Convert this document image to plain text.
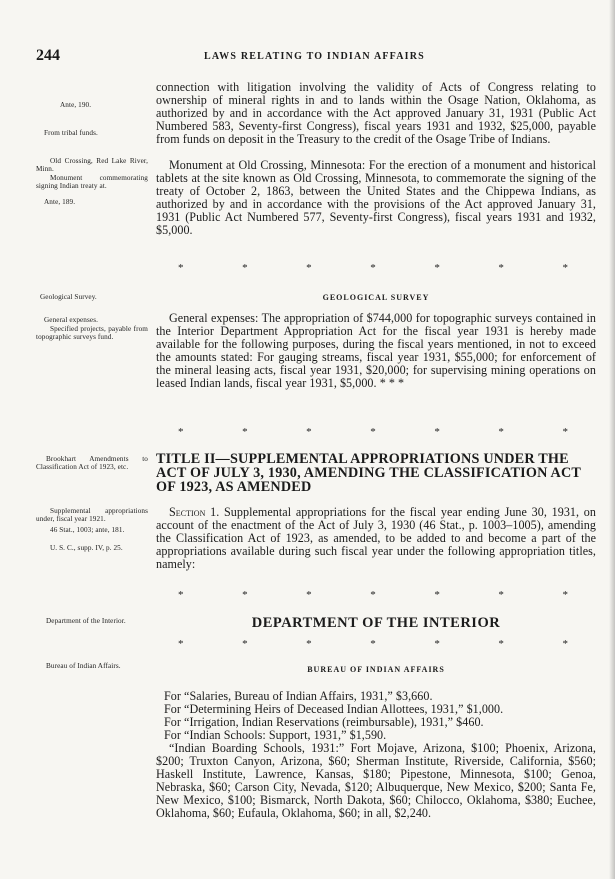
244	LAWS RELATING TO INDIAN AFFAIRS
Ante, 190.
From tribal funds.
Old Crossing, Red Lake River, Minn.
Monument commemorating signing Indian treaty at.
Ante, 189.
Geological Survey.
General expenses.
Specified projects, payable from topographic surveys fund.
Brookhart Amendments to Classification Act of 1923, etc.
Supplemental appropriations under, fiscal year 1921.
46 Stat., 1003; ante, 181.
U. S. C., supp. IV, p. 25.
Department of the Interior.
Bureau of Indian Affairs.
connection with litigation involving the validity of Acts of Congress relating to ownership of mineral rights in and to lands within the Osage Nation, Oklahoma, as authorized by and in accordance with the Act approved January 31, 1931 (Public Act Numbered 583, Seventy-first Congress), fiscal years 1931 and 1932, $25,000, payable from funds on deposit in the Treasury to the credit of the Osage Tribe of Indians.
Monument at Old Crossing, Minnesota: For the erection of a monument and historical tablets at the site known as Old Crossing, Minnesota, to commemorate the signing of the treaty of October 2, 1863, between the United States and the Chippewa Indians, as authorized by and in accordance with the provisions of the Act approved January 31, 1931 (Public Act Numbered 577, Seventy-first Congress), fiscal years 1931 and 1932, $5,000.
*	*	*	*	*	*	*
GEOLOGICAL SURVEY
General expenses: The appropriation of $744,000 for topographic surveys contained in the Interior Department Appropriation Act for the fiscal year 1931 is hereby made available for the following purposes, during the fiscal years mentioned, in not to exceed the amounts stated: For gauging streams, fiscal year 1931, $55,000; for enforcement of the mineral leasing acts, fiscal year 1931, $20,000; for supervising mining operations on leased Indian lands, fiscal year 1931, $5,000. * * *
*	*	*	*	*	*	*
TITLE II—SUPPLEMENTAL APPROPRIATIONS UNDER THE ACT OF JULY 3, 1930, AMENDING THE CLASSIFICATION ACT OF 1923, AS AMENDED
Section 1. Supplemental appropriations for the fiscal year ending June 30, 1931, on account of the enactment of the Act of July 3, 1930 (46 Stat., p. 1003–1005), amending the Classification Act of 1923, as amended, to be added to and become a part of the appropriations available during such fiscal year under the following appropriation titles, namely:
*	*	*	*	*	*	*
DEPARTMENT OF THE INTERIOR
*	*	*	*	*	*	*
BUREAU OF INDIAN AFFAIRS
For “Salaries, Bureau of Indian Affairs, 1931,” $3,660.
For “Determining Heirs of Deceased Indian Allottees, 1931,” $1,000.
For “Irrigation, Indian Reservations (reimbursable), 1931,” $460.
For “Indian Schools: Support, 1931,” $1,590.
“Indian Boarding Schools, 1931:” Fort Mojave, Arizona, $100; Phoenix, Arizona, $200; Truxton Canyon, Arizona, $60; Sherman Institute, Riverside, California, $560; Haskell Institute, Lawrence, Kansas, $180; Pipestone, Minnesota, $100; Genoa, Nebraska, $60; Carson City, Nevada, $120; Albuquerque, New Mexico, $200; Santa Fe, New Mexico, $100; Bismarck, North Dakota, $60; Chilocco, Oklahoma, $380; Euchee, Oklahoma, $60; Eufaula, Oklahoma, $60; in all, $2,240.
